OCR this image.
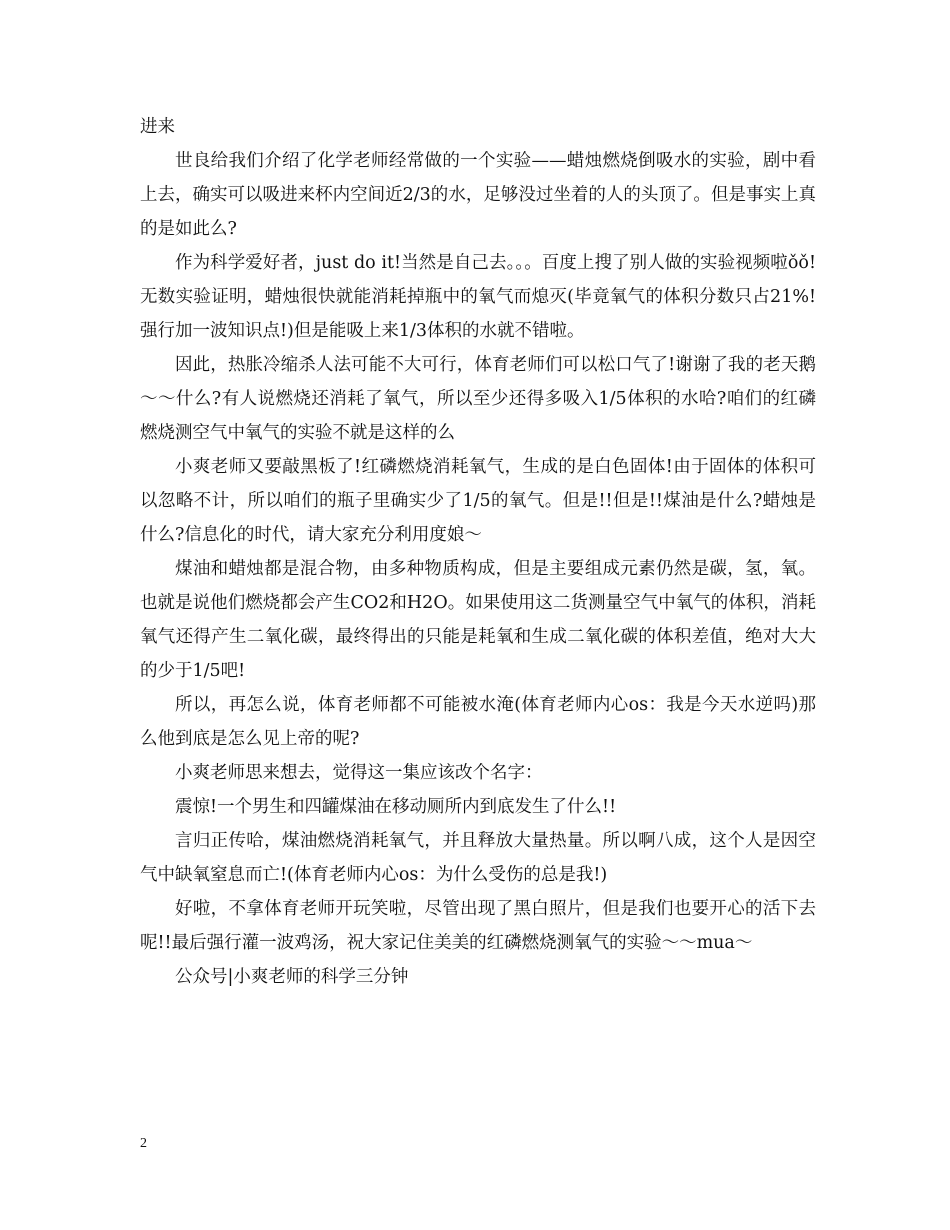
进来

世良给我们介绍了化学老师经常做的一个实验——蜡烛燃烧倒吸水的实验，剧中看上去，确实可以吸进来杯内空间近2/3的水，足够没过坐着的人的头顶了。但是事实上真的是如此么?

作为科学爱好者，just do it!当然是自己去。。。百度上搜了别人做的实验视频啦ǒǒ!无数实验证明，蜡烛很快就能消耗掉瓶中的氧气而熄灭(毕竟氧气的体积分数只占21%!强行加一波知识点!)但是能吸上来1/3体积的水就不错啦。

因此，热胀冷缩杀人法可能不大可行，体育老师们可以松口气了!谢谢了我的老天鹅～～什么?有人说燃烧还消耗了氧气，所以至少还得多吸入1/5体积的水哈?咱们的红磷燃烧测空气中氧气的实验不就是这样的么

小爽老师又要敲黑板了!红磷燃烧消耗氧气，生成的是白色固体!由于固体的体积可以忽略不计，所以咱们的瓶子里确实少了1/5的氧气。但是!!但是!!煤油是什么?蜡烛是什么?信息化的时代，请大家充分利用度娘～

煤油和蜡烛都是混合物，由多种物质构成，但是主要组成元素仍然是碳，氢，氧。也就是说他们燃烧都会产生CO2和H2O。如果使用这二货测量空气中氧气的体积，消耗氧气还得产生二氧化碳，最终得出的只能是耗氧和生成二氧化碳的体积差值，绝对大大的少于1/5吧!

所以，再怎么说，体育老师都不可能被水淹(体育老师内心os：我是今天水逆吗)那么他到底是怎么见上帝的呢?

小爽老师思来想去，觉得这一集应该改个名字：

震惊!一个男生和四罐煤油在移动厕所内到底发生了什么!!

言归正传哈，煤油燃烧消耗氧气，并且释放大量热量。所以啊八成，这个人是因空气中缺氧窒息而亡!(体育老师内心os：为什么受伤的总是我!)

好啦，不拿体育老师开玩笑啦，尽管出现了黑白照片，但是我们也要开心的活下去呢!!最后强行灌一波鸡汤，祝大家记住美美的红磷燃烧测氧气的实验～～mua～

公众号|小爽老师的科学三分钟

2
